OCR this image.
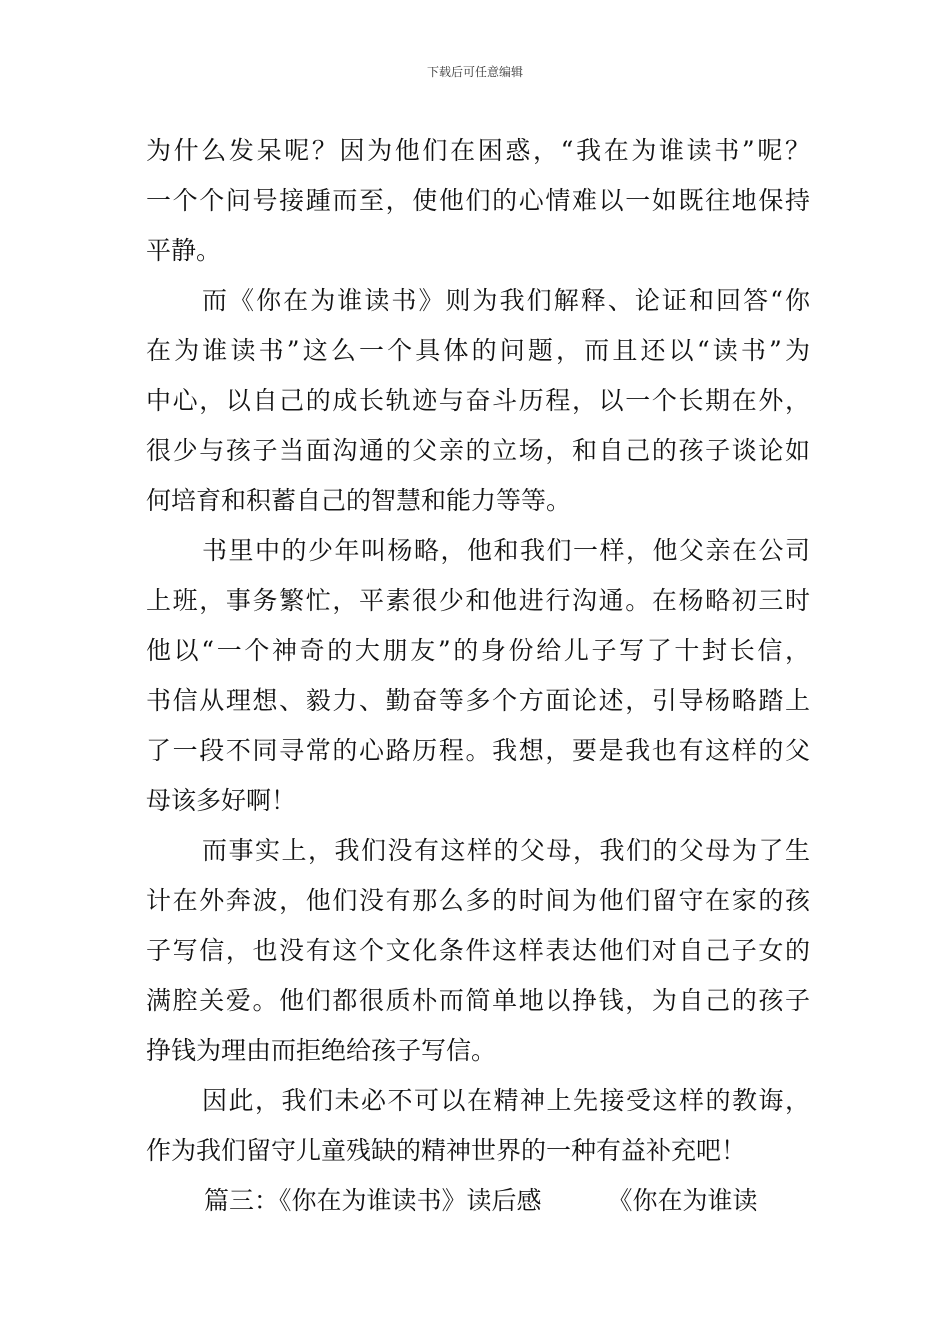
下载后可任意编辑
为什么发呆呢？因为他们在困惑，“我在为谁读书”呢？
一个个问号接踵而至，使他们的心情难以一如既往地保持
平静。
而《你在为谁读书》则为我们解释、论证和回答“你
在为谁读书”这么一个具体的问题，而且还以“读书”为
中心，以自己的成长轨迹与奋斗历程，以一个长期在外，
很少与孩子当面沟通的父亲的立场，和自己的孩子谈论如
何培育和积蓄自己的智慧和能力等等。
书里中的少年叫杨略，他和我们一样，他父亲在公司
上班，事务繁忙，平素很少和他进行沟通。在杨略初三时
他以“一个神奇的大朋友”的身份给儿子写了十封长信，
书信从理想、毅力、勤奋等多个方面论述，引导杨略踏上
了一段不同寻常的心路历程。我想，要是我也有这样的父
母该多好啊！
而事实上，我们没有这样的父母，我们的父母为了生
计在外奔波，他们没有那么多的时间为他们留守在家的孩
子写信，也没有这个文化条件这样表达他们对自己子女的
满腔关爱。他们都很质朴而简单地以挣钱，为自己的孩子
挣钱为理由而拒绝给孩子写信。
因此，我们未必不可以在精神上先接受这样的教诲，
作为我们留守儿童残缺的精神世界的一种有益补充吧！
篇三：《你在为谁读书》读后感	《你在为谁读
